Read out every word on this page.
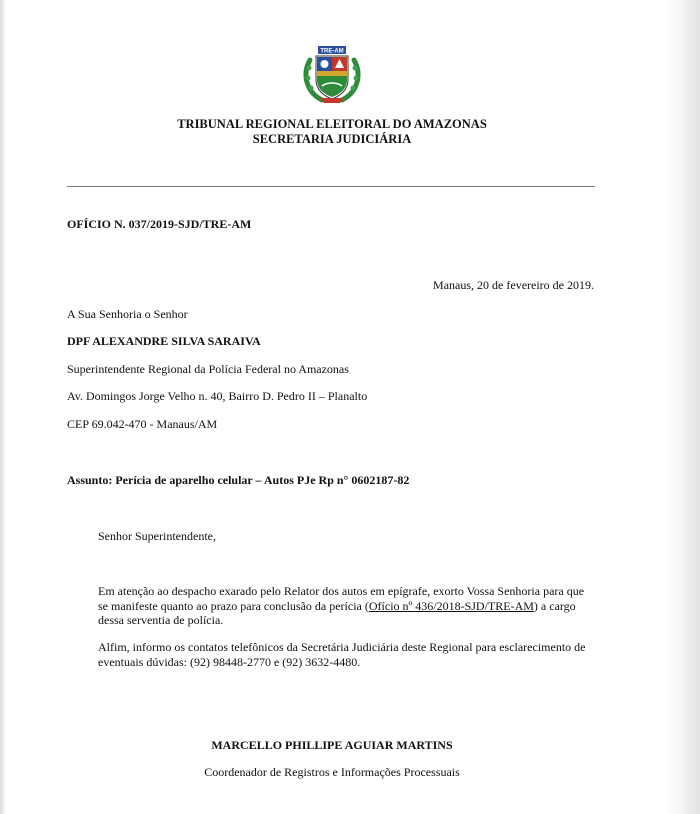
TRE-AM
TRIBUNAL REGIONAL ELEITORAL DO AMAZONAS
SECRETARIA JUDICIÁRIA
OFÍCIO N. 037/2019-SJD/TRE-AM
Manaus, 20 de fevereiro de 2019.
A Sua Senhoria o Senhor
DPF ALEXANDRE SILVA SARAIVA
Superintendente Regional da Polícia Federal no Amazonas
Av. Domingos Jorge Velho n. 40, Bairro D. Pedro II – Planalto
CEP 69.042-470 - Manaus/AM
Assunto: Perícia de aparelho celular – Autos PJe Rp n° 0602187-82
Senhor Superintendente,
Em atenção ao despacho exarado pelo Relator dos autos em epígrafe, exorto Vossa Senhoria para que se manifeste quanto ao prazo para conclusão da perícia (Ofício nº 436/2018-SJD/TRE-AM) a cargo dessa serventia de polícia.
Alfim, informo os contatos telefônicos da Secretária Judiciária deste Regional para esclarecimento de eventuais dúvidas: (92) 98448-2770 e (92) 3632-4480.
MARCELLO PHILLIPE AGUIAR MARTINS
Coordenador de Registros e Informações Processuais
